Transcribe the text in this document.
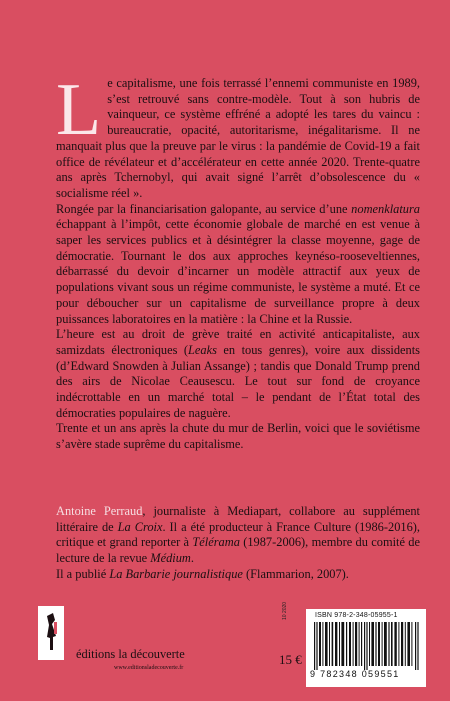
L e capitalisme, une fois terrassé l’ennemi communiste en 1989, s’est retrouvé sans contre-modèle. Tout à son hubris de vainqueur, ce système effréné a adopté les tares du vaincu : bureaucratie, opacité, autoritarisme, inégalitarisme. Il ne manquait plus que la preuve par le virus : la pandémie de Covid-19 a fait office de révélateur et d’accélérateur en cette année 2020. Trente-quatre ans après Tchernobyl, qui avait signé l’arrêt d’obsolescence du « socialisme réel ».

Rongée par la financiarisation galopante, au service d’une nomenklatura échappant à l’impôt, cette économie globale de marché en est venue à saper les services publics et à désintégrer la classe moyenne, gage de démocratie. Tournant le dos aux approches keynéso-rooseveltiennes, débarrassé du devoir d’incarner un modèle attractif aux yeux de populations vivant sous un régime communiste, le système a muté. Et ce pour déboucher sur un capitalisme de surveillance propre à deux puissances laboratoires en la matière : la Chine et la Russie.

L’heure est au droit de grève traité en activité anticapitaliste, aux samizdats électroniques (Leaks en tous genres), voire aux dissidents (d’Edward Snowden à Julian Assange) ; tandis que Donald Trump prend des airs de Nicolae Ceausescu. Le tout sur fond de croyance indécrottable en un marché total – le pendant de l’État total des démocraties populaires de naguère.

Trente et un ans après la chute du mur de Berlin, voici que le soviétisme s’avère stade suprême du capitalisme.

Antoine Perraud, journaliste à Mediapart, collabore au supplément littéraire de La Croix. Il a été producteur à France Culture (1986-2016), critique et grand reporter à Télérama (1987-2006), membre du comité de lecture de la revue Médium.

Il a publié La Barbarie journalistique (Flammarion, 2007).

éditions la découverte
www.editionsladecouverte.fr
15 €
10 2020	ISBN 978-2-348-05955-1
9 782348 059551
